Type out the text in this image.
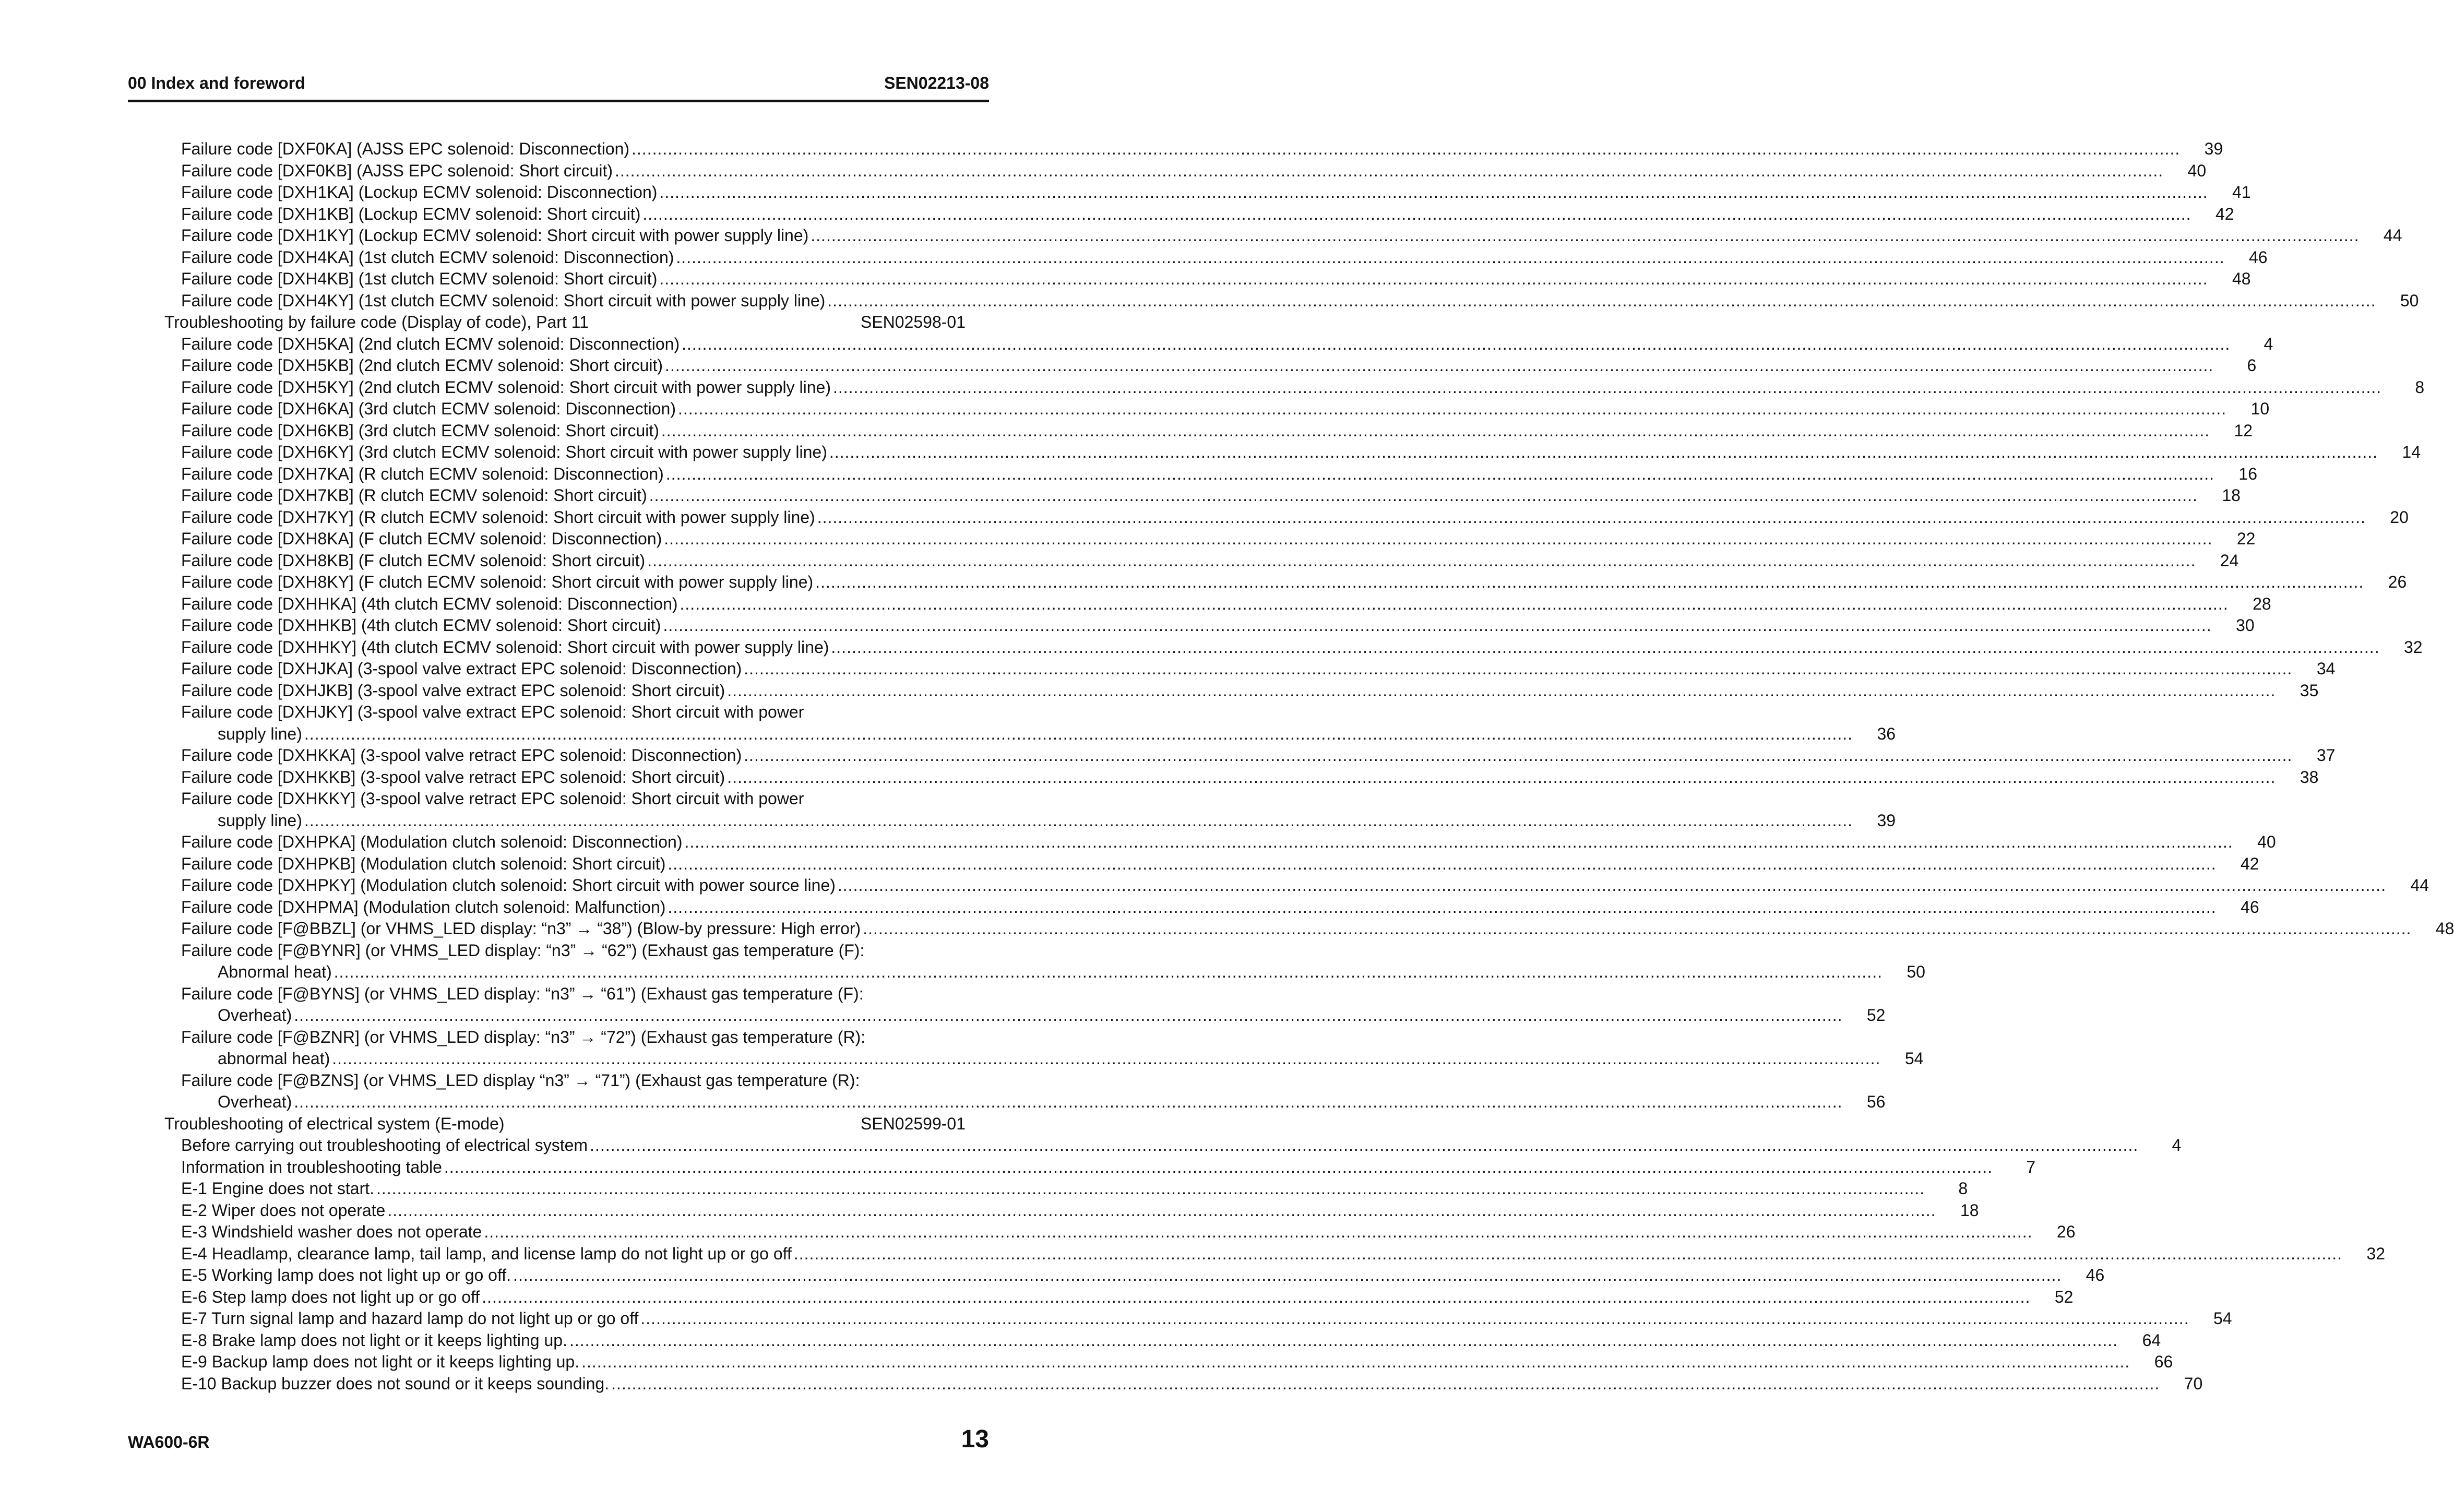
00 Index and foreword	SEN02213-08
Failure code [DXF0KA] (AJSS EPC solenoid: Disconnection) .....	39
Failure code [DXF0KB] (AJSS EPC solenoid: Short circuit) .....	40
Failure code [DXH1KA] (Lockup ECMV solenoid: Disconnection) .....	41
Failure code [DXH1KB] (Lockup ECMV solenoid: Short circuit) .....	42
Failure code [DXH1KY] (Lockup ECMV solenoid: Short circuit with power supply line) .....	44
Failure code [DXH4KA] (1st clutch ECMV solenoid: Disconnection) .....	46
Failure code [DXH4KB] (1st clutch ECMV solenoid: Short circuit) .....	48
Failure code [DXH4KY] (1st clutch ECMV solenoid: Short circuit with power supply line) .....	50
Troubleshooting by failure code (Display of code), Part 11	SEN02598-01
Failure code [DXH5KA] (2nd clutch ECMV solenoid: Disconnection) .....	4
Failure code [DXH5KB] (2nd clutch ECMV solenoid: Short circuit) .....	6
Failure code [DXH5KY] (2nd clutch ECMV solenoid: Short circuit with power supply line) .....	8
Failure code [DXH6KA] (3rd clutch ECMV solenoid: Disconnection) .....	10
Failure code [DXH6KB] (3rd clutch ECMV solenoid: Short circuit) .....	12
Failure code [DXH6KY] (3rd clutch ECMV solenoid: Short circuit with power supply line) .....	14
Failure code [DXH7KA] (R clutch ECMV solenoid: Disconnection) .....	16
Failure code [DXH7KB] (R clutch ECMV solenoid: Short circuit) .....	18
Failure code [DXH7KY] (R clutch ECMV solenoid: Short circuit with power supply line) .....	20
Failure code [DXH8KA] (F clutch ECMV solenoid: Disconnection) .....	22
Failure code [DXH8KB] (F clutch ECMV solenoid: Short circuit) .....	24
Failure code [DXH8KY] (F clutch ECMV solenoid: Short circuit with power supply line) .....	26
Failure code [DXHHKA] (4th clutch ECMV solenoid: Disconnection) .....	28
Failure code [DXHHKB] (4th clutch ECMV solenoid: Short circuit) .....	30
Failure code [DXHHKY] (4th clutch ECMV solenoid: Short circuit with power supply line) .....	32
Failure code [DXHJKA] (3-spool valve extract EPC solenoid: Disconnection) .....	34
Failure code [DXHJKB] (3-spool valve extract EPC solenoid: Short circuit) .....	35
Failure code [DXHJKY] (3-spool valve extract EPC solenoid: Short circuit with power
supply line) .....	36
Failure code [DXHKKA] (3-spool valve retract EPC solenoid: Disconnection) .....	37
Failure code [DXHKKB] (3-spool valve retract EPC solenoid: Short circuit) .....	38
Failure code [DXHKKY] (3-spool valve retract EPC solenoid: Short circuit with power
supply line) .....	39
Failure code [DXHPKA] (Modulation clutch solenoid: Disconnection) .....	40
Failure code [DXHPKB] (Modulation clutch solenoid: Short circuit) .....	42
Failure code [DXHPKY] (Modulation clutch solenoid: Short circuit with power source line) .....	44
Failure code [DXHPMA] (Modulation clutch solenoid: Malfunction) .....	46
Failure code [F@BBZL] (or VHMS_LED display: “n3” → “38”) (Blow-by pressure: High error) .....	48
Failure code [F@BYNR] (or VHMS_LED display: “n3” → “62”) (Exhaust gas temperature (F):
Abnormal heat) .....	50
Failure code [F@BYNS] (or VHMS_LED display: “n3” → “61”) (Exhaust gas temperature (F):
Overheat) .....	52
Failure code [F@BZNR] (or VHMS_LED display: “n3” → “72”) (Exhaust gas temperature (R):
abnormal heat) .....	54
Failure code [F@BZNS] (or VHMS_LED display “n3” → “71”) (Exhaust gas temperature (R):
Overheat) .....	56
Troubleshooting of electrical system (E-mode)	SEN02599-01
Before carrying out troubleshooting of electrical system .....	4
Information in troubleshooting table .....	7
E-1 Engine does not start. .....	8
E-2 Wiper does not operate .....	18
E-3 Windshield washer does not operate .....	26
E-4 Headlamp, clearance lamp, tail lamp, and license lamp do not light up or go off .....	32
E-5 Working lamp does not light up or go off. .....	46
E-6 Step lamp does not light up or go off .....	52
E-7 Turn signal lamp and hazard lamp do not light up or go off .....	54
E-8 Brake lamp does not light or it keeps lighting up. .....	64
E-9 Backup lamp does not light or it keeps lighting up. .....	66
E-10 Backup buzzer does not sound or it keeps sounding. .....	70
WA600-6R	13
